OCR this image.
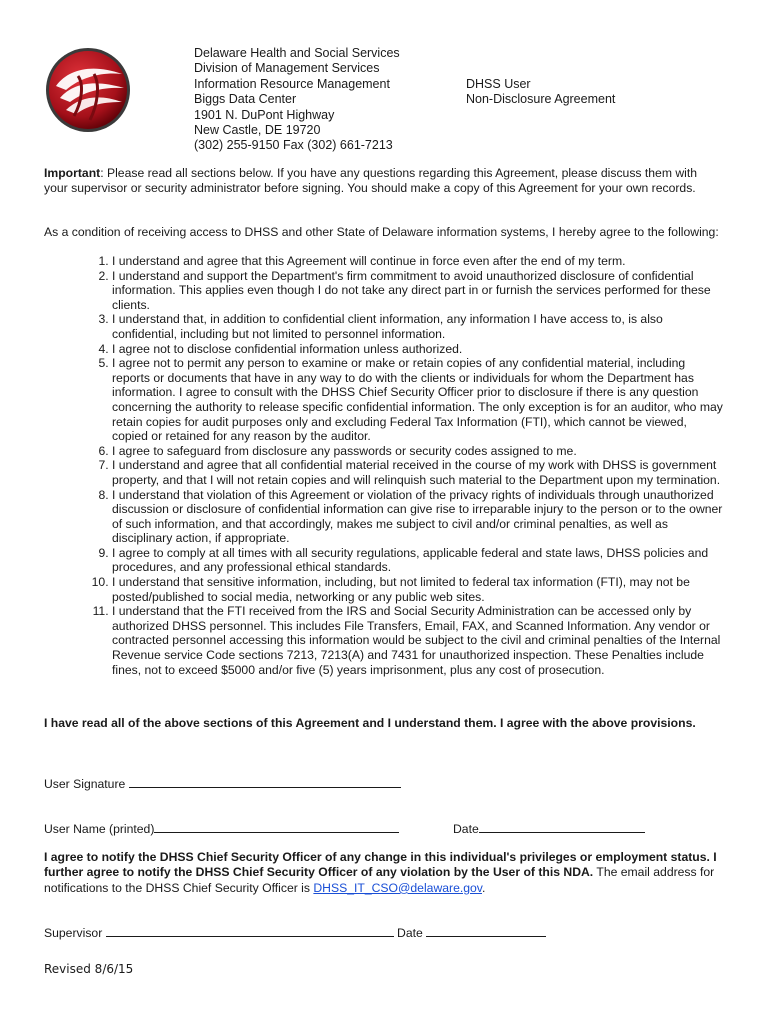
Delaware Health and Social Services
Division of Management Services
Information Resource Management
Biggs Data Center
1901 N. DuPont Highway
New Castle, DE 19720
(302) 255-9150 Fax (302) 661-7213
DHSS User
Non-Disclosure Agreement
Important: Please read all sections below. If you have any questions regarding this Agreement, please discuss them with your supervisor or security administrator before signing. You should make a copy of this Agreement for your own records.
As a condition of receiving access to DHSS and other State of Delaware information systems, I hereby agree to the following:
1. I understand and agree that this Agreement will continue in force even after the end of my term.
2. I understand and support the Department's firm commitment to avoid unauthorized disclosure of confidential information. This applies even though I do not take any direct part in or furnish the services performed for these clients.
3. I understand that, in addition to confidential client information, any information I have access to, is also confidential, including but not limited to personnel information.
4. I agree not to disclose confidential information unless authorized.
5. I agree not to permit any person to examine or make or retain copies of any confidential material, including reports or documents that have in any way to do with the clients or individuals for whom the Department has information. I agree to consult with the DHSS Chief Security Officer prior to disclosure if there is any question concerning the authority to release specific confidential information. The only exception is for an auditor, who may retain copies for audit purposes only and excluding Federal Tax Information (FTI), which cannot be viewed, copied or retained for any reason by the auditor.
6. I agree to safeguard from disclosure any passwords or security codes assigned to me.
7. I understand and agree that all confidential material received in the course of my work with DHSS is government property, and that I will not retain copies and will relinquish such material to the Department upon my termination.
8. I understand that violation of this Agreement or violation of the privacy rights of individuals through unauthorized discussion or disclosure of confidential information can give rise to irreparable injury to the person or to the owner of such information, and that accordingly, makes me subject to civil and/or criminal penalties, as well as disciplinary action, if appropriate.
9. I agree to comply at all times with all security regulations, applicable federal and state laws, DHSS policies and procedures, and any professional ethical standards.
10. I understand that sensitive information, including, but not limited to federal tax information (FTI), may not be posted/published to social media, networking or any public web sites.
11. I understand that the FTI received from the IRS and Social Security Administration can be accessed only by authorized DHSS personnel. This includes File Transfers, Email, FAX, and Scanned Information. Any vendor or contracted personnel accessing this information would be subject to the civil and criminal penalties of the Internal Revenue service Code sections 7213, 7213(A) and 7431 for unauthorized inspection. These Penalties include fines, not to exceed $5000 and/or five (5) years imprisonment, plus any cost of prosecution.
I have read all of the above sections of this Agreement and I understand them. I agree with the above provisions.
User Signature
User Name (printed)	Date
I agree to notify the DHSS Chief Security Officer of any change in this individual's privileges or employment status. I further agree to notify the DHSS Chief Security Officer of any violation by the User of this NDA. The email address for notifications to the DHSS Chief Security Officer is DHSS_IT_CSO@delaware.gov.
Supervisor	Date
Revised 8/6/15
